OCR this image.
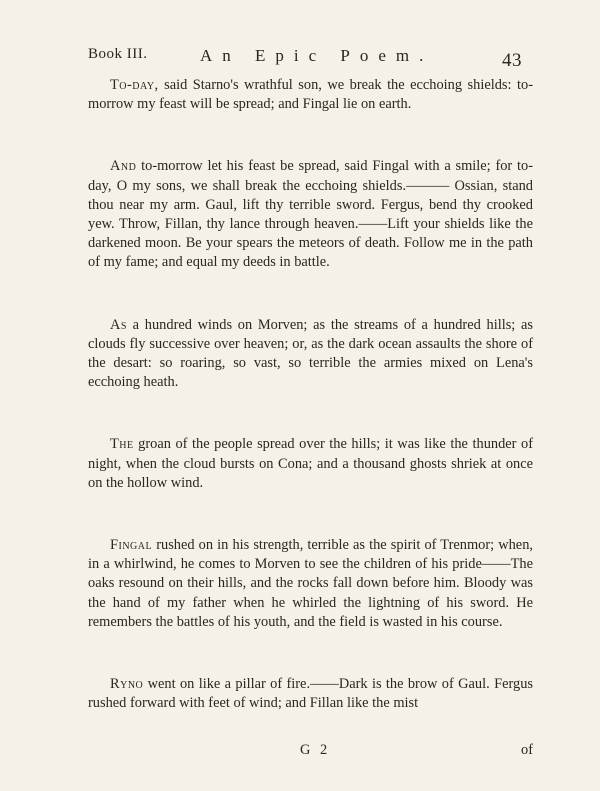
Book III.	An Epic Poem.	43

To-day, said Starno's wrathful son, we break the ecchoing shields: to-morrow my feast will be spread; and Fingal lie on earth.

And to-morrow let his feast be spread, said Fingal with a smile; for to-day, O my sons, we shall break the ecchoing shields.——— Ossian, stand thou near my arm. Gaul, lift thy terrible sword. Fergus, bend thy crooked yew. Throw, Fillan, thy lance through heaven.——Lift your shields like the darkened moon. Be your spears the meteors of death. Follow me in the path of my fame; and equal my deeds in battle.

As a hundred winds on Morven; as the streams of a hundred hills; as clouds fly successive over heaven; or, as the dark ocean assaults the shore of the desart: so roaring, so vast, so terrible the armies mixed on Lena's ecchoing heath.

The groan of the people spread over the hills; it was like the thunder of night, when the cloud bursts on Cona; and a thousand ghosts shriek at once on the hollow wind.

Fingal rushed on in his strength, terrible as the spirit of Trenmor; when, in a whirlwind, he comes to Morven to see the children of his pride——The oaks resound on their hills, and the rocks fall down before him. Bloody was the hand of my father when he whirled the lightning of his sword. He remembers the battles of his youth, and the field is wasted in his course.

Ryno went on like a pillar of fire.——Dark is the brow of Gaul. Fergus rushed forward with feet of wind; and Fillan like the mist

G 2	of
